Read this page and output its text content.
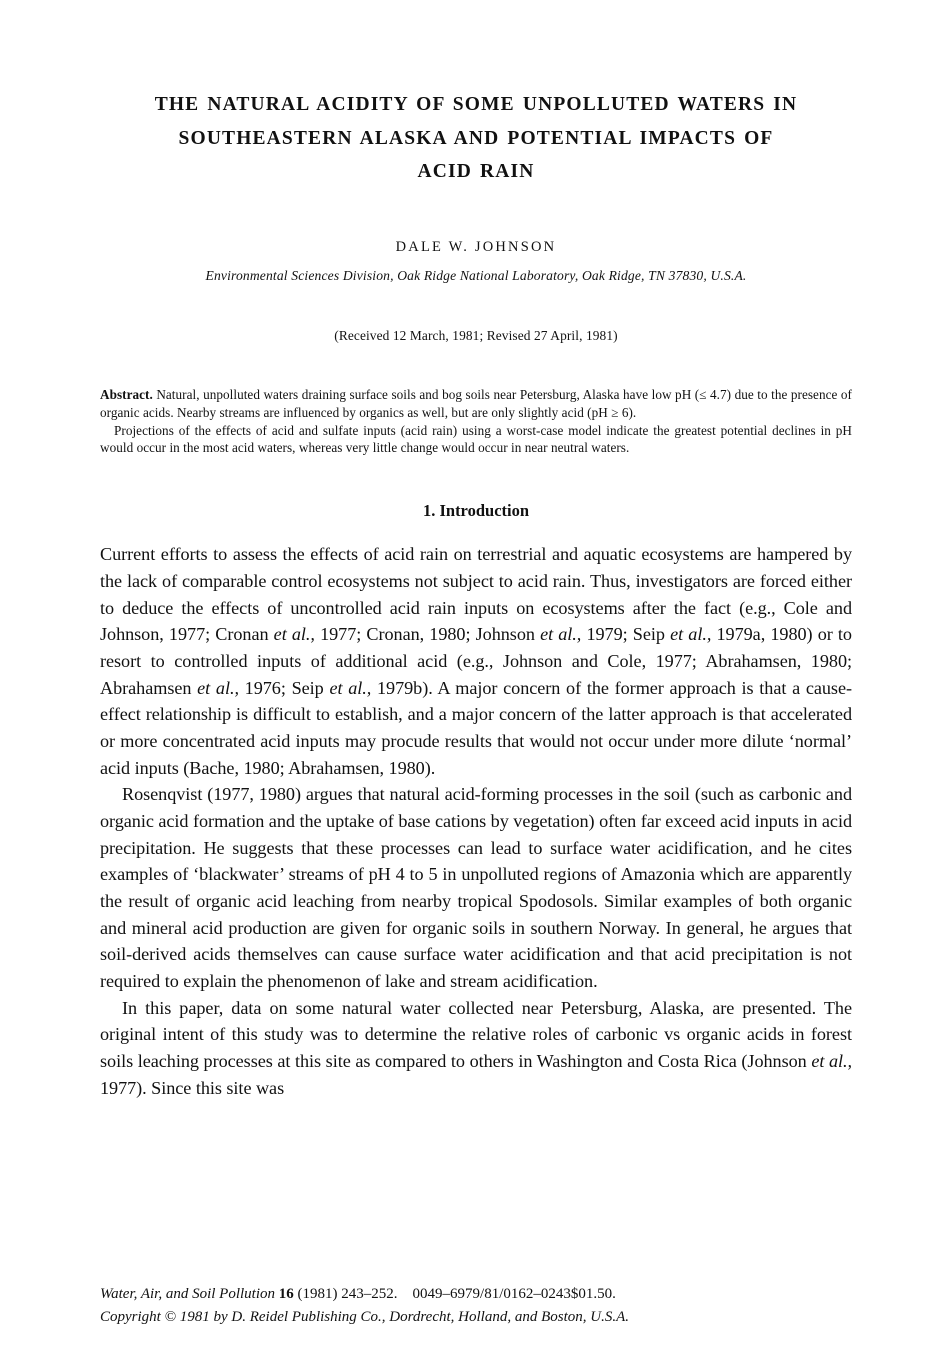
THE NATURAL ACIDITY OF SOME UNPOLLUTED WATERS IN
SOUTHEASTERN ALASKA AND POTENTIAL IMPACTS OF
ACID RAIN
DALE W. JOHNSON
Environmental Sciences Division, Oak Ridge National Laboratory, Oak Ridge, TN 37830, U.S.A.
(Received 12 March, 1981; Revised 27 April, 1981)

Abstract. Natural, unpolluted waters draining surface soils and bog soils near Petersburg, Alaska have low pH (≤ 4.7) due to the presence of organic acids. Nearby streams are influenced by organics as well, but are only slightly acid (pH ≥ 6).

Projections of the effects of acid and sulfate inputs (acid rain) using a worst-case model indicate the greatest potential declines in pH would occur in the most acid waters, whereas very little change would occur in near neutral waters.

1. Introduction

Current efforts to assess the effects of acid rain on terrestrial and aquatic ecosystems are hampered by the lack of comparable control ecosystems not subject to acid rain. Thus, investigators are forced either to deduce the effects of uncontrolled acid rain inputs on ecosystems after the fact (e.g., Cole and Johnson, 1977; Cronan et al., 1977; Cronan, 1980; Johnson et al., 1979; Seip et al., 1979a, 1980) or to resort to controlled inputs of additional acid (e.g., Johnson and Cole, 1977; Abrahamsen, 1980; Abrahamsen et al., 1976; Seip et al., 1979b). A major concern of the former approach is that a cause-effect relationship is difficult to establish, and a major concern of the latter approach is that accelerated or more concentrated acid inputs may procude results that would not occur under more dilute ‘normal’ acid inputs (Bache, 1980; Abrahamsen, 1980).

Rosenqvist (1977, 1980) argues that natural acid-forming processes in the soil (such as carbonic and organic acid formation and the uptake of base cations by vegetation) often far exceed acid inputs in acid precipitation. He suggests that these processes can lead to surface water acidification, and he cites examples of ‘blackwater’ streams of pH 4 to 5 in unpolluted regions of Amazonia which are apparently the result of organic acid leaching from nearby tropical Spodosols. Similar examples of both organic and mineral acid production are given for organic soils in southern Norway. In general, he argues that soil-derived acids themselves can cause surface water acidification and that acid precipitation is not required to explain the phenomenon of lake and stream acidification.

In this paper, data on some natural water collected near Petersburg, Alaska, are presented. The original intent of this study was to determine the relative roles of carbonic vs organic acids in forest soils leaching processes at this site as compared to others in Washington and Costa Rica (Johnson et al., 1977). Since this site was

Water, Air, and Soil Pollution 16 (1981) 243–252.    0049–6979/81/0162–0243$01.50.
Copyright © 1981 by D. Reidel Publishing Co., Dordrecht, Holland, and Boston, U.S.A.
